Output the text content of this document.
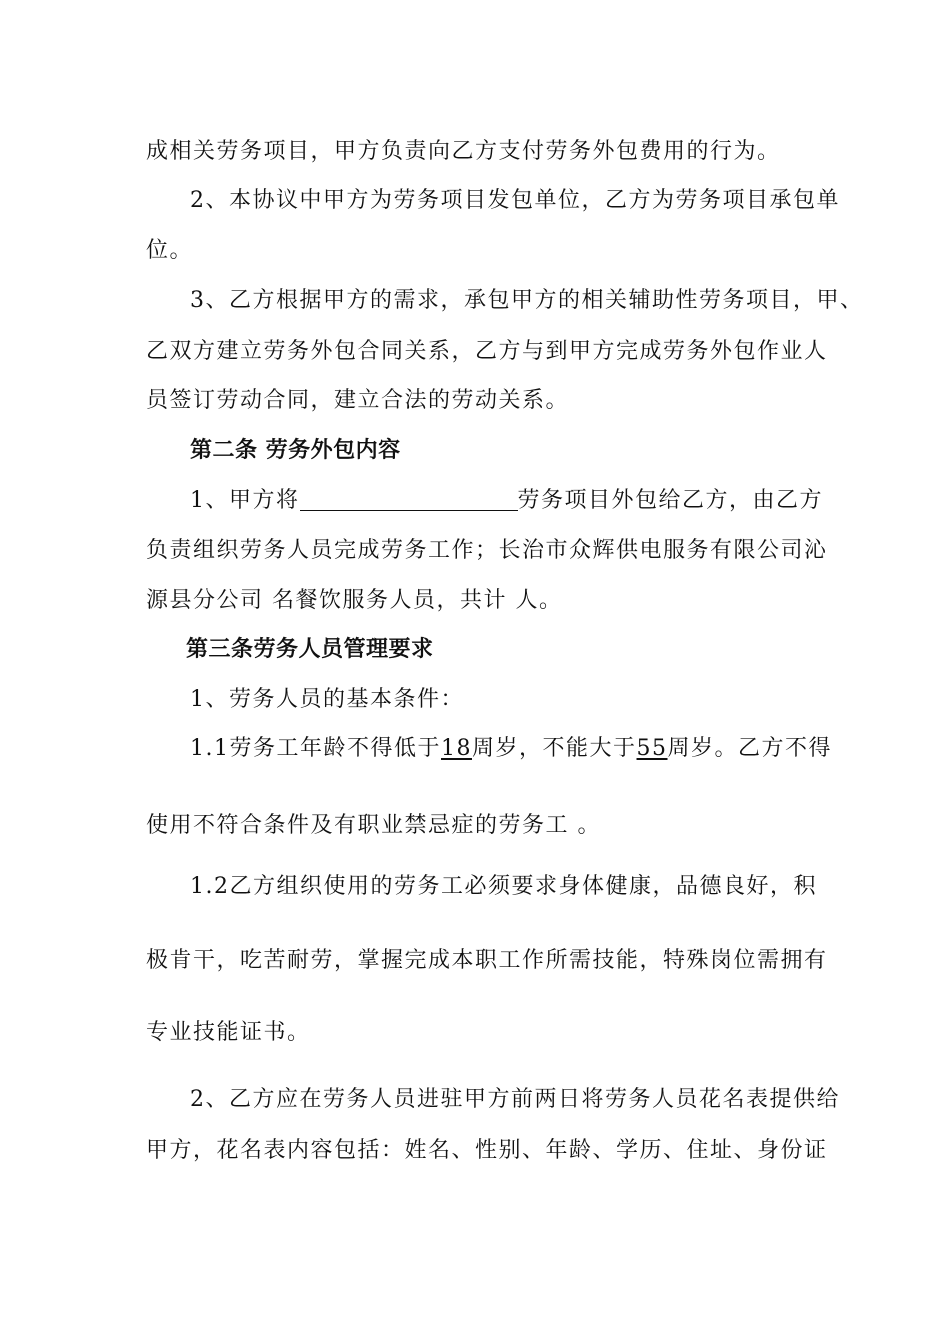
成相关劳务项目，甲方负责向乙方支付劳务外包费用的行为。
2、本协议中甲方为劳务项目发包单位，乙方为劳务项目承包单
位。
3、乙方根据甲方的需求，承包甲方的相关辅助性劳务项目，甲、
乙双方建立劳务外包合同关系，乙方与到甲方完成劳务外包作业人
员签订劳动合同，建立合法的劳动关系。
第二条 劳务外包内容
1、甲方将	劳务项目外包给乙方，由乙方
负责组织劳务人员完成劳务工作；长治市众辉供电服务有限公司沁
源县分公司 名餐饮服务人员，共计 人。
第三条劳务人员管理要求
1、劳务人员的基本条件：
1.1劳务工年龄不得低于18周岁，不能大于55周岁。乙方不得
使用不符合条件及有职业禁忌症的劳务工 。
1.2乙方组织使用的劳务工必须要求身体健康，品德良好，积
极肯干，吃苦耐劳，掌握完成本职工作所需技能，特殊岗位需拥有
专业技能证书。
2、乙方应在劳务人员进驻甲方前两日将劳务人员花名表提供给
甲方，花名表内容包括：姓名、性别、年龄、学历、住址、身份证
